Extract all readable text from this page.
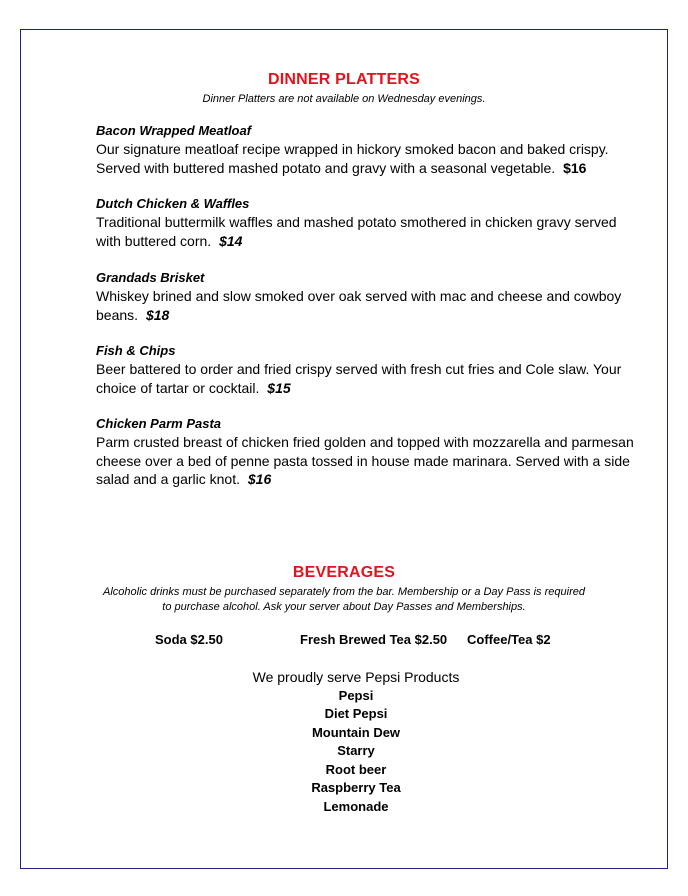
DINNER PLATTERS
Dinner Platters are not available on Wednesday evenings.
Bacon Wrapped Meatloaf
Our signature meatloaf recipe wrapped in hickory smoked bacon and baked crispy. Served with buttered mashed potato and gravy with a seasonal vegetable. $16
Dutch Chicken & Waffles
Traditional buttermilk waffles and mashed potato smothered in chicken gravy served with buttered corn. $14
Grandads Brisket
Whiskey brined and slow smoked over oak served with mac and cheese and cowboy beans. $18
Fish & Chips
Beer battered to order and fried crispy served with fresh cut fries and Cole slaw. Your choice of tartar or cocktail. $15
Chicken Parm Pasta
Parm crusted breast of chicken fried golden and topped with mozzarella and parmesan cheese over a bed of penne pasta tossed in house made marinara. Served with a side salad and a garlic knot. $16
BEVERAGES
Alcoholic drinks must be purchased separately from the bar. Membership or a Day Pass is required
to purchase alcohol. Ask your server about Day Passes and Memberships.
Soda $2.50	Fresh Brewed Tea $2.50 Coffee/Tea $2
We proudly serve Pepsi Products
Pepsi
Diet Pepsi
Mountain Dew
Starry
Root beer
Raspberry Tea
Lemonade
